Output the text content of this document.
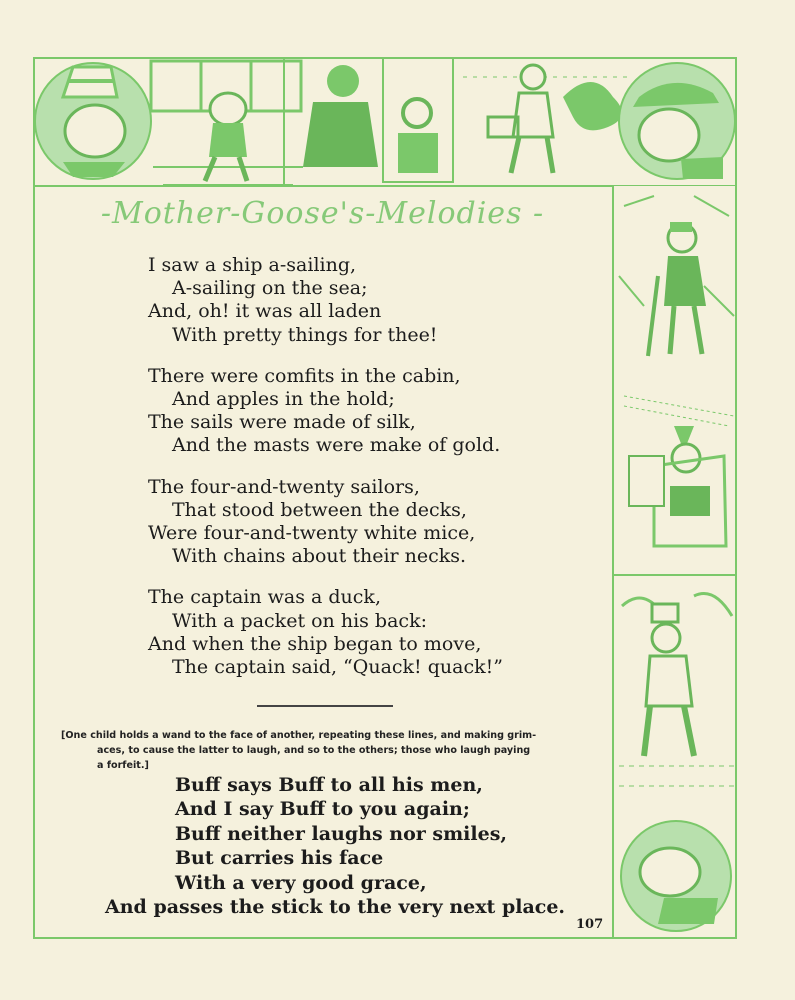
-Mother-Goose's-Melodies -
I saw a ship a-sailing,
A-sailing on the sea;
And, oh! it was all laden
With pretty things for thee!
There were comfits in the cabin,
And apples in the hold;
The sails were made of silk,
And the masts were make of gold.
The four-and-twenty sailors,
That stood between the decks,
Were four-and-twenty white mice,
With chains about their necks.
The captain was a duck,
With a packet on his back:
And when the ship began to move,
The captain said, “Quack! quack!”
[One child holds a wand to the face of another, repeating these lines, and making grim-
aces, to cause the latter to laugh, and so to the others; those who laugh paying
a forfeit.]
Buff says Buff to all his men,
And I say Buff to you again;
Buff neither laughs nor smiles,
But carries his face
With a very good grace,
And passes the stick to the very next place.
107
